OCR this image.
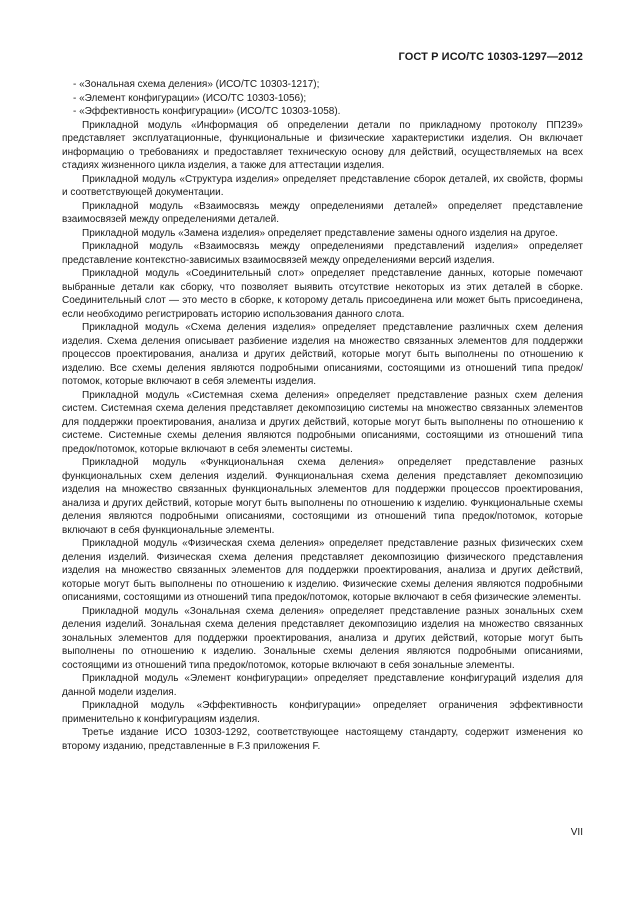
ГОСТ Р ИСО/ТС 10303-1297—2012

- «Зональная схема деления» (ИСО/ТС 10303-1217);

- «Элемент конфигурации» (ИСО/ТС 10303-1056);

- «Эффективность конфигурации» (ИСО/ТС 10303-1058).

Прикладной модуль «Информация об определении детали по прикладному протоколу ПП239» представляет эксплуатационные, функциональные и физические характеристики изделия. Он включает информацию о требованиях и предоставляет техническую основу для действий, осуществляемых на всех стадиях жизненного цикла изделия, а также для аттестации изделия.

Прикладной модуль «Структура изделия» определяет представление сборок деталей, их свойств, формы и соответствующей документации.

Прикладной модуль «Взаимосвязь между определениями деталей» определяет представление взаимосвязей между определениями деталей.

Прикладной модуль «Замена изделия» определяет представление замены одного изделия на другое.

Прикладной модуль «Взаимосвязь между определениями представлений изделия» определяет представление контекстно-зависимых взаимосвязей между определениями версий изделия.

Прикладной модуль «Соединительный слот» определяет представление данных, которые помечают выбранные детали как сборку, что позволяет выявить отсутствие некоторых из этих деталей в сборке. Соединительный слот — это место в сборке, к которому деталь присоединена или может быть присоединена, если необходимо регистрировать историю использования данного слота.

Прикладной модуль «Схема деления изделия» определяет представление различных схем деления изделия. Схема деления описывает разбиение изделия на множество связанных элементов для поддержки процессов проектирования, анализа и других действий, которые могут быть выполнены по отношению к изделию. Все схемы деления являются подробными описаниями, состоящими из отношений типа предок/потомок, которые включают в себя элементы изделия.

Прикладной модуль «Системная схема деления» определяет представление разных схем деления систем. Системная схема деления представляет декомпозицию системы на множество связанных элементов для поддержки проектирования, анализа и других действий, которые могут быть выполнены по отношению к системе. Системные схемы деления являются подробными описаниями, состоящими из отношений типа предок/потомок, которые включают в себя элементы системы.

Прикладной модуль «Функциональная схема деления» определяет представление разных функциональных схем деления изделий. Функциональная схема деления представляет декомпозицию изделия на множество связанных функциональных элементов для поддержки процессов проектирования, анализа и других действий, которые могут быть выполнены по отношению к изделию. Функциональные схемы деления являются подробными описаниями, состоящими из отношений типа предок/потомок, которые включают в себя функциональные элементы.

Прикладной модуль «Физическая схема деления» определяет представление разных физических схем деления изделий. Физическая схема деления представляет декомпозицию физического представления изделия на множество связанных элементов для поддержки проектирования, анализа и других действий, которые могут быть выполнены по отношению к изделию. Физические схемы деления являются подробными описаниями, состоящими из отношений типа предок/потомок, которые включают в себя физические элементы.

Прикладной модуль «Зональная схема деления» определяет представление разных зональных схем деления изделий. Зональная схема деления представляет декомпозицию изделия на множество связанных зональных элементов для поддержки проектирования, анализа и других действий, которые могут быть выполнены по отношению к изделию. Зональные схемы деления являются подробными описаниями, состоящими из отношений типа предок/потомок, которые включают в себя зональные элементы.

Прикладной модуль «Элемент конфигурации» определяет представление конфигураций изделия для данной модели изделия.

Прикладной модуль «Эффективность конфигурации» определяет ограничения эффективности применительно к конфигурациям изделия.

Третье издание ИСО 10303-1292, соответствующее настоящему стандарту, содержит изменения ко второму изданию, представленные в F.3 приложения F.

VII
